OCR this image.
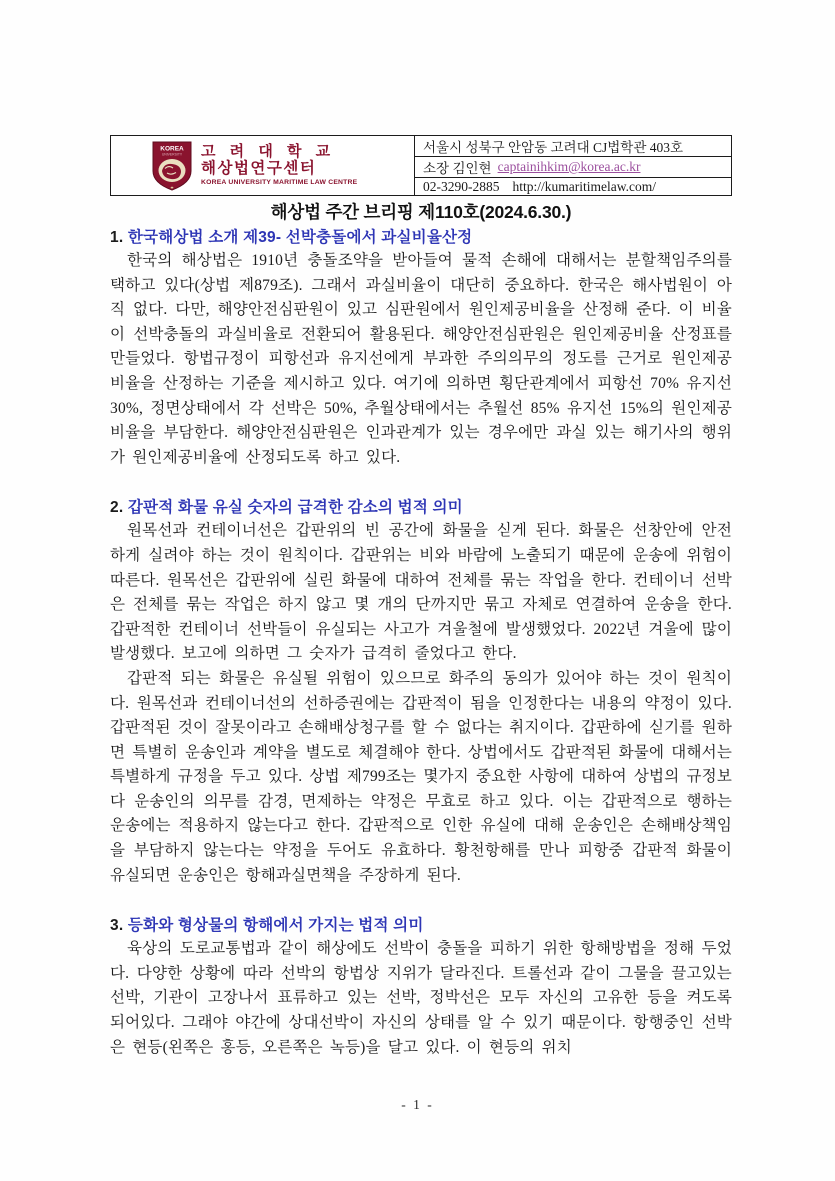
KOREA
UNIVERSITY 고 려 대 학 교
해상법연구센터
KOREA UNIVERSITY MARITIME LAW CENTRE
서울시 성북구 안암동 고려대 CJ법학관 403호
소장 김인현 captainihkim@korea.ac.kr
02-3290-2885 http://kumaritimelaw.com/
해상법 주간 브리핑 제110호(2024.6.30.)
1. 한국해상법 소개 제39- 선박충돌에서 과실비율산정

한국의 해상법은 1910년 충돌조약을 받아들여 물적 손해에 대해서는 분할책임주의를 택하고 있다(상법 제879조). 그래서 과실비율이 대단히 중요하다. 한국은 해사법원이 아직 없다. 다만, 해양안전심판원이 있고 심판원에서 원인제공비율을 산정해 준다. 이 비율이 선박충돌의 과실비율로 전환되어 활용된다. 해양안전심판원은 원인제공비율 산정표를 만들었다. 항법규정이 피항선과 유지선에게 부과한 주의의무의 정도를 근거로 원인제공비율을 산정하는 기준을 제시하고 있다. 여기에 의하면 횡단관계에서 피항선 70% 유지선 30%, 정면상태에서 각 선박은 50%, 추월상태에서는 추월선 85% 유지선 15%의 원인제공비율을 부담한다. 해양안전심판원은 인과관계가 있는 경우에만 과실 있는 해기사의 행위가 원인제공비율에 산정되도록 하고 있다.

2. 갑판적 화물 유실 숫자의 급격한 감소의 법적 의미

원목선과 컨테이너선은 갑판위의 빈 공간에 화물을 싣게 된다. 화물은 선창안에 안전하게 실려야 하는 것이 원칙이다. 갑판위는 비와 바람에 노출되기 때문에 운송에 위험이 따른다. 원목선은 갑판위에 실린 화물에 대하여 전체를 묶는 작업을 한다. 컨테이너 선박은 전체를 묶는 작업은 하지 않고 몇 개의 단까지만 묶고 자체로 연결하여 운송을 한다. 갑판적한 컨테이너 선박들이 유실되는 사고가 겨울철에 발생했었다. 2022년 겨울에 많이 발생했다. 보고에 의하면 그 숫자가 급격히 줄었다고 한다.

갑판적 되는 화물은 유실될 위험이 있으므로 화주의 동의가 있어야 하는 것이 원칙이다. 원목선과 컨테이너선의 선하증권에는 갑판적이 됨을 인정한다는 내용의 약정이 있다. 갑판적된 것이 잘못이라고 손해배상청구를 할 수 없다는 취지이다. 갑판하에 싣기를 원하면 특별히 운송인과 계약을 별도로 체결해야 한다. 상법에서도 갑판적된 화물에 대해서는 특별하게 규정을 두고 있다. 상법 제799조는 몇가지 중요한 사항에 대하여 상법의 규정보다 운송인의 의무를 감경, 면제하는 약정은 무효로 하고 있다. 이는 갑판적으로 행하는 운송에는 적용하지 않는다고 한다. 갑판적으로 인한 유실에 대해 운송인은 손해배상책임을 부담하지 않는다는 약정을 두어도 유효하다. 황천항해를 만나 피항중 갑판적 화물이 유실되면 운송인은 항해과실면책을 주장하게 된다.

3. 등화와 형상물의 항해에서 가지는 법적 의미

육상의 도로교통법과 같이 해상에도 선박이 충돌을 피하기 위한 항해방법을 정해 두었다. 다양한 상황에 따라 선박의 항법상 지위가 달라진다. 트롤선과 같이 그물을 끌고있는 선박, 기관이 고장나서 표류하고 있는 선박, 정박선은 모두 자신의 고유한 등을 켜도록 되어있다. 그래야 야간에 상대선박이 자신의 상태를 알 수 있기 때문이다. 항행중인 선박은 현등(왼쪽은 홍등, 오른쪽은 녹등)을 달고 있다. 이 현등의 위치

- 1 -
